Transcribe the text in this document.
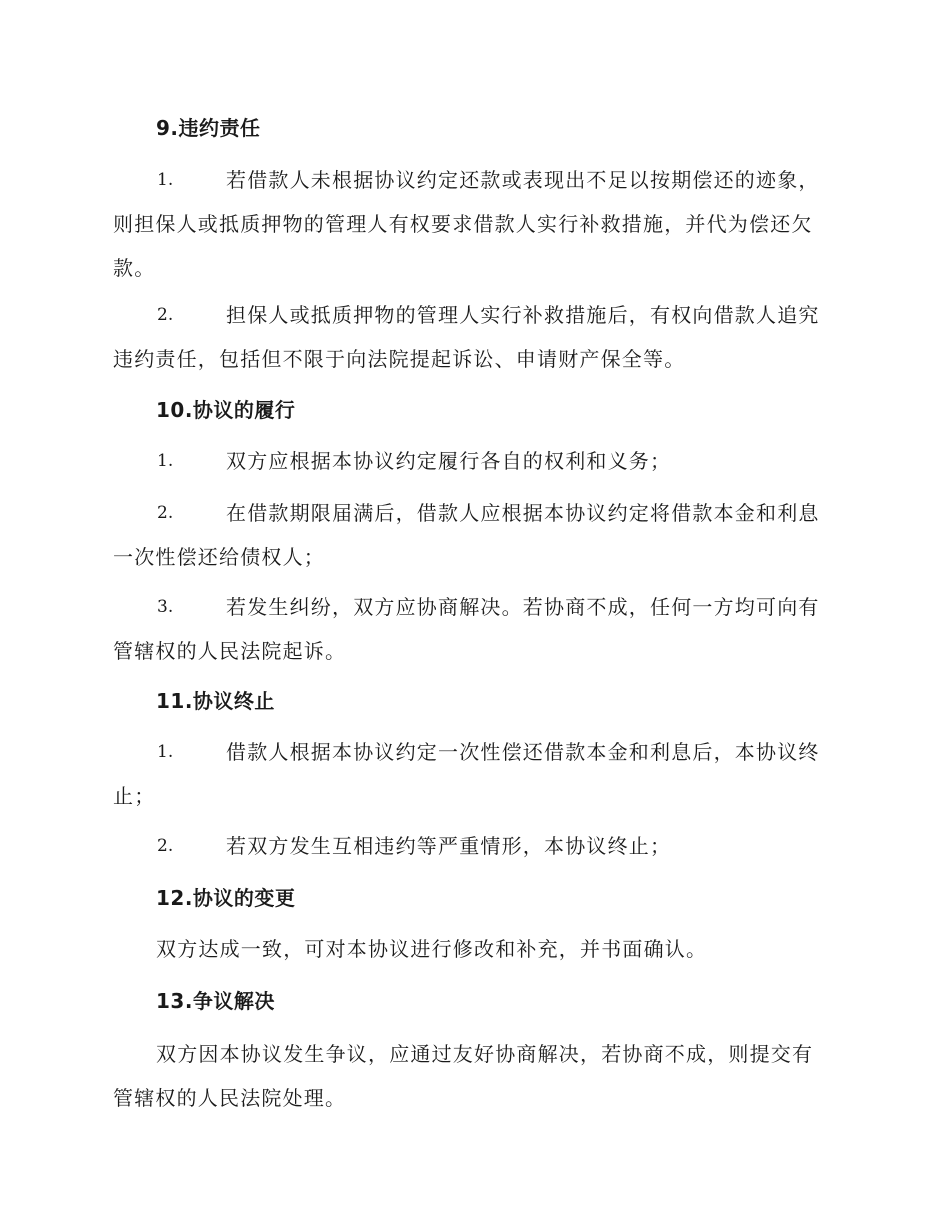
9.违约责任
1.	若借款人未根据协议约定还款或表现出不足以按期偿还的迹象，
则担保人或抵质押物的管理人有权要求借款人实行补救措施，并代为偿还欠
款。
2.	担保人或抵质押物的管理人实行补救措施后，有权向借款人追究
违约责任，包括但不限于向法院提起诉讼、申请财产保全等。
10.协议的履行
1.	双方应根据本协议约定履行各自的权利和义务；
2.	在借款期限届满后，借款人应根据本协议约定将借款本金和利息
一次性偿还给债权人；
3.	若发生纠纷，双方应协商解决。若协商不成，任何一方均可向有
管辖权的人民法院起诉。
11.协议终止
1.	借款人根据本协议约定一次性偿还借款本金和利息后，本协议终
止；
2.	若双方发生互相违约等严重情形，本协议终止；
12.协议的变更
双方达成一致，可对本协议进行修改和补充，并书面确认。
13.争议解决
双方因本协议发生争议，应通过友好协商解决，若协商不成，则提交有
管辖权的人民法院处理。
